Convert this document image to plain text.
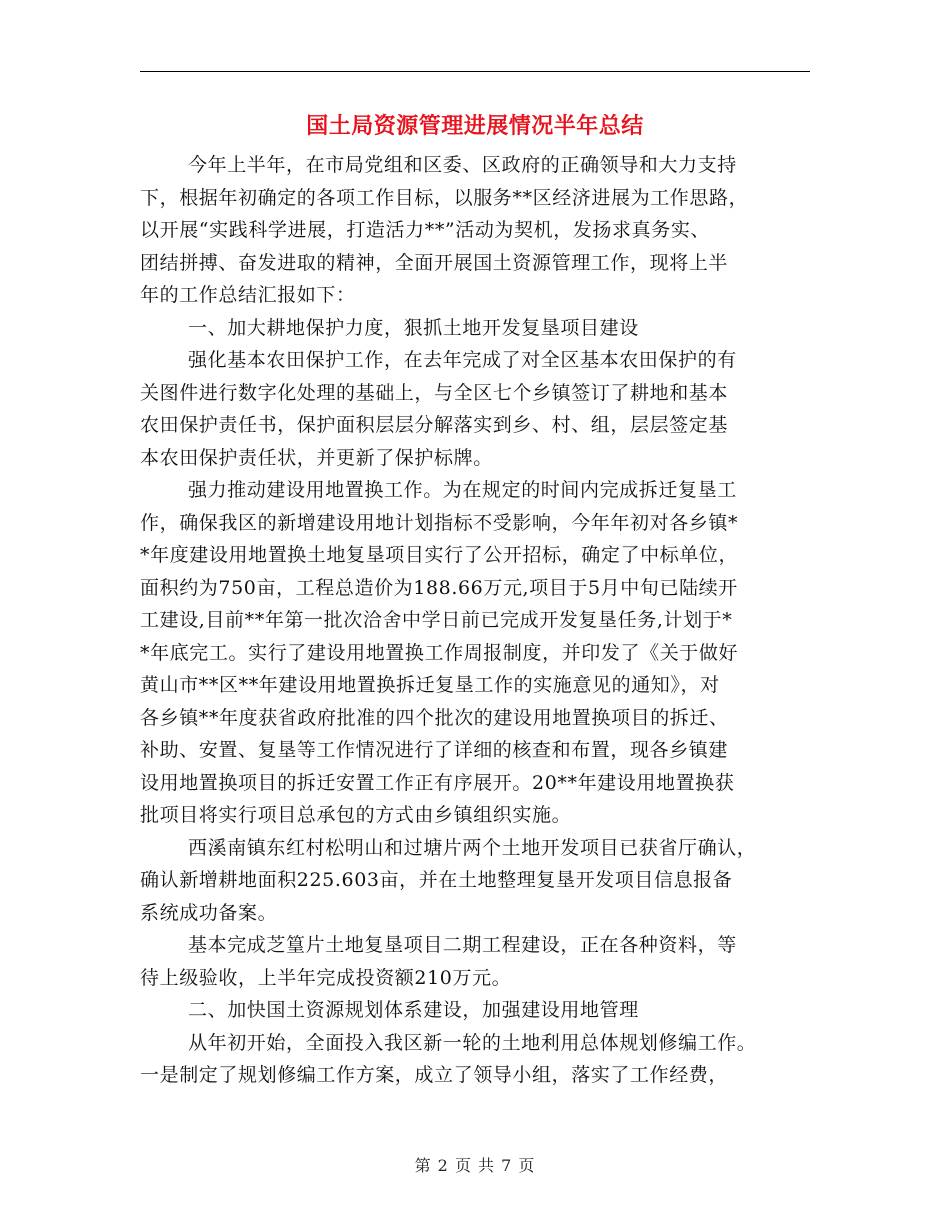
国土局资源管理进展情况半年总结
今年上半年，在市局党组和区委、区政府的正确领导和大力支持
下，根据年初确定的各项工作目标，以服务**区经济进展为工作思路，
以开展“实践科学进展，打造活力**”活动为契机，发扬求真务实、
团结拼搏、奋发进取的精神，全面开展国土资源管理工作，现将上半
年的工作总结汇报如下：
一、加大耕地保护力度，狠抓土地开发复垦项目建设
强化基本农田保护工作，在去年完成了对全区基本农田保护的有
关图件进行数字化处理的基础上，与全区七个乡镇签订了耕地和基本
农田保护责任书，保护面积层层分解落实到乡、村、组，层层签定基
本农田保护责任状，并更新了保护标牌。
强力推动建设用地置换工作。为在规定的时间内完成拆迁复垦工
作，确保我区的新增建设用地计划指标不受影响，今年年初对各乡镇*
*年度建设用地置换土地复垦项目实行了公开招标，确定了中标单位，
面积约为750亩，工程总造价为188.66万元,项目于5月中旬已陆续开
工建设,目前**年第一批次洽舍中学日前已完成开发复垦任务,计划于*
*年底完工。实行了建设用地置换工作周报制度，并印发了《关于做好
黄山市**区**年建设用地置换拆迁复垦工作的实施意见的通知》，对
各乡镇**年度获省政府批准的四个批次的建设用地置换项目的拆迁、
补助、安置、复垦等工作情况进行了详细的核查和布置，现各乡镇建
设用地置换项目的拆迁安置工作正有序展开。20**年建设用地置换获
批项目将实行项目总承包的方式由乡镇组织实施。
西溪南镇东红村松明山和过塘片两个土地开发项目已获省厅确认，
确认新增耕地面积225.603亩，并在土地整理复垦开发项目信息报备
系统成功备案。
基本完成芝篁片土地复垦项目二期工程建设，正在各种资料，等
待上级验收，上半年完成投资额210万元。
二、加快国土资源规划体系建设，加强建设用地管理
从年初开始，全面投入我区新一轮的土地利用总体规划修编工作。
一是制定了规划修编工作方案，成立了领导小组，落实了工作经费，
第 2 页 共 7 页
